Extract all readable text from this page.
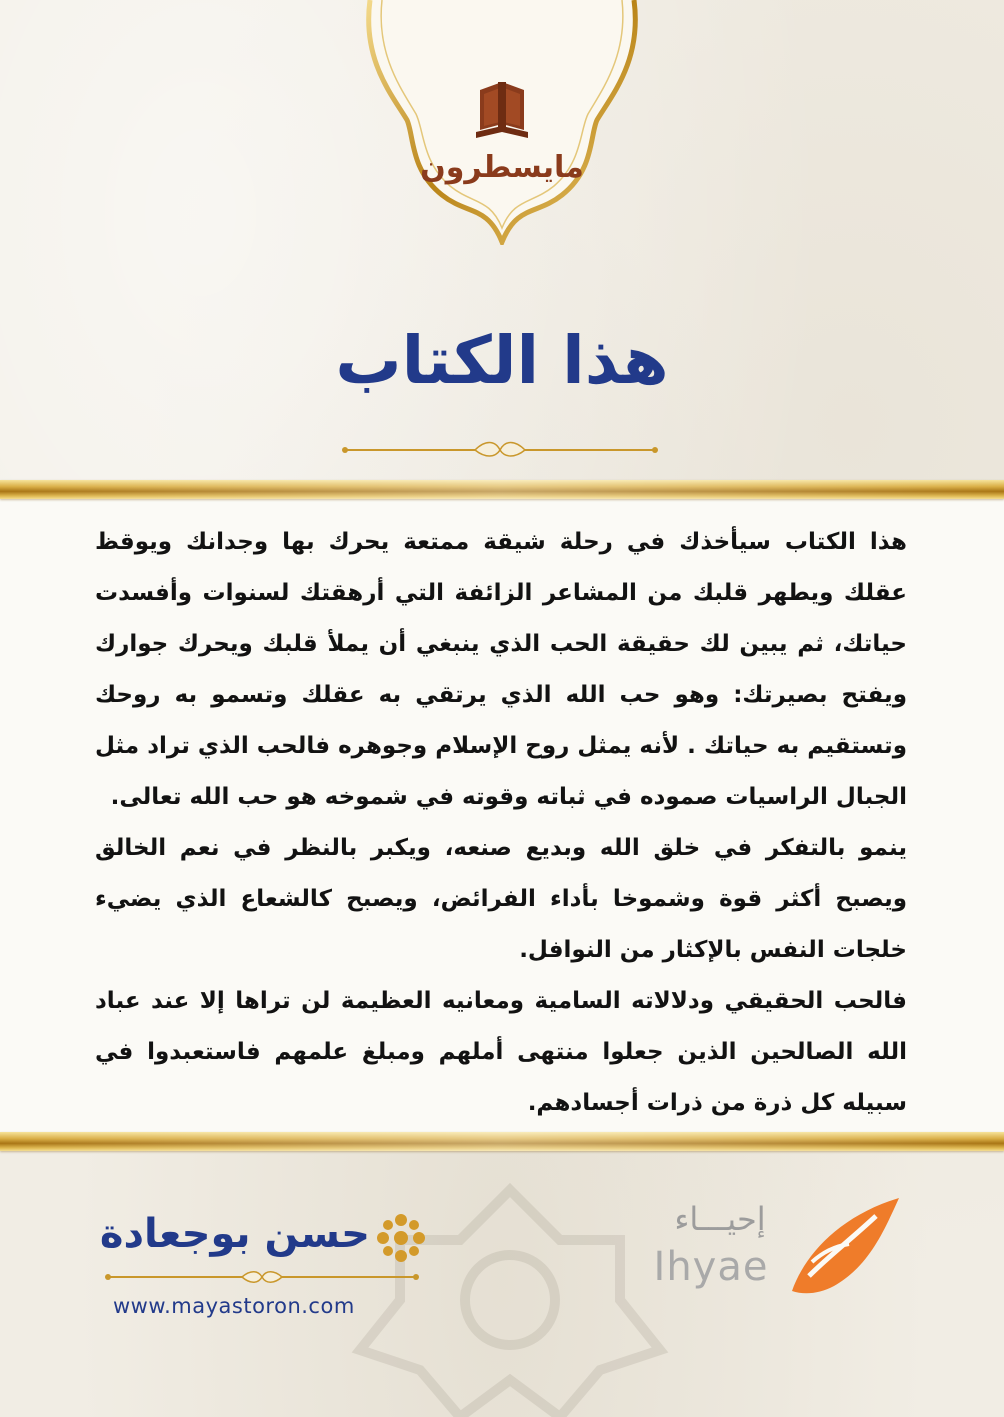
مايسطرون
هذا الكتاب

هذا الكتاب سيأخذك في رحلة شيقة ممتعة يحرك بها وجدانك ويوقظ عقلك ويطهر قلبك من المشاعر الزائفة التي أرهقتك لسنوات وأفسدت حياتك، ثم يبين لك حقيقة الحب الذي ينبغي أن يملأ قلبك ويحرك جوارك ويفتح بصيرتك: وهو حب الله الذي يرتقي به عقلك وتسمو به روحك وتستقيم به حياتك . لأنه يمثل روح الإسلام وجوهره فالحب الذي تراد مثل الجبال الراسيات صموده في ثباته وقوته في شموخه هو حب الله تعالى.

ينمو بالتفكر في خلق الله وبديع صنعه، ويكبر بالنظر في نعم الخالق ويصبح أكثر قوة وشموخا بأداء الفرائض، ويصبح كالشعاع الذي يضيء خلجات النفس بالإكثار من النوافل.

فالحب الحقيقي ودلالاته السامية ومعانيه العظيمة لن تراها إلا عند عباد الله الصالحين الذين جعلوا منتهى أملهم ومبلغ علمهم فاستعبدوا في سبيله كل ذرة من ذرات أجسادهم.

حسن بوجعادة
www.mayastoron.com
إحيـــاء
Ihyae
